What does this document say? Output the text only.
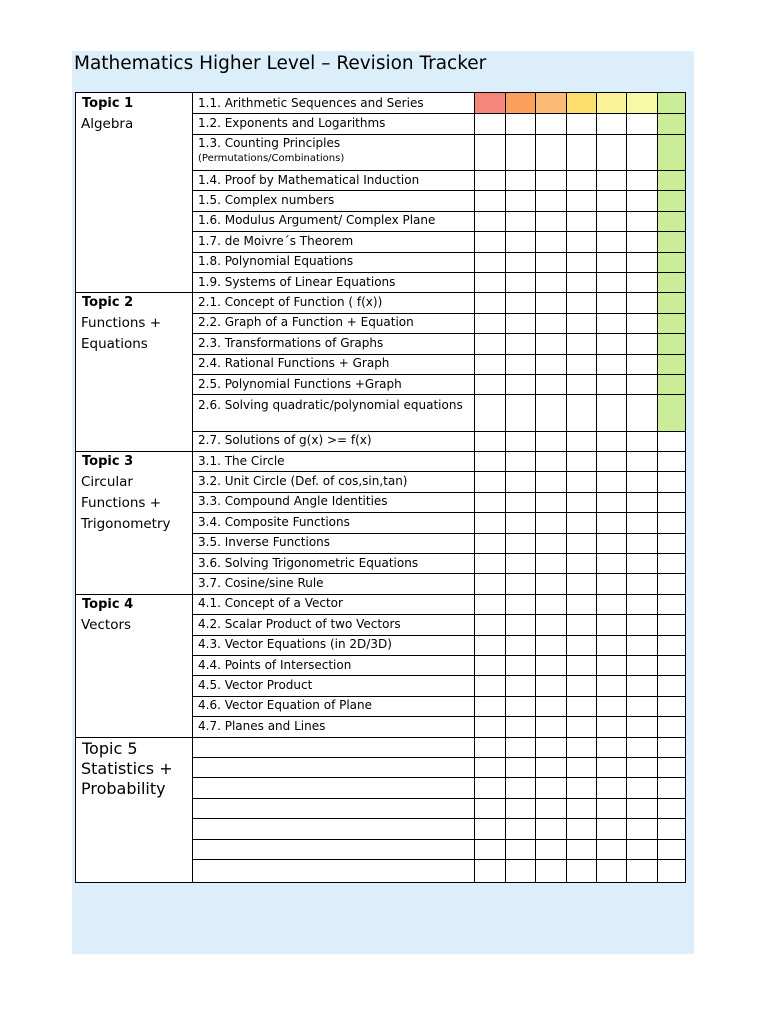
Mathematics Higher Level – Revision Tracker
1.1. Arithmetic Sequences and Series
1.2. Exponents and Logarithms
1.3. Counting Principles
(Permutations/Combinations)
1.4. Proof by Mathematical Induction
1.5. Complex numbers
1.6. Modulus Argument/ Complex Plane
1.7. de Moivre´s Theorem
1.8. Polynomial Equations
1.9. Systems of Linear Equations
Topic 1
Algebra
2.1. Concept of Function ( f(x))
2.2. Graph of a Function + Equation
2.3. Transformations of Graphs
2.4. Rational Functions + Graph
2.5. Polynomial Functions +Graph
2.6. Solving quadratic/polynomial equations
2.7. Solutions of g(x) >= f(x)
Topic 2
Functions + Equations
3.1. The Circle
3.2. Unit Circle (Def. of cos,sin,tan)
3.3. Compound Angle Identities
3.4. Composite Functions
3.5. Inverse Functions
3.6. Solving Trigonometric Equations
3.7. Cosine/sine Rule
Topic 3
Circular Functions + Trigonometry
4.1. Concept of a Vector
4.2. Scalar Product of two Vectors
4.3. Vector Equations (in 2D/3D)
4.4. Points of Intersection
4.5. Vector Product
4.6. Vector Equation of Plane
4.7. Planes and Lines
Topic 4
Vectors
Topic 5
Statistics + Probability
